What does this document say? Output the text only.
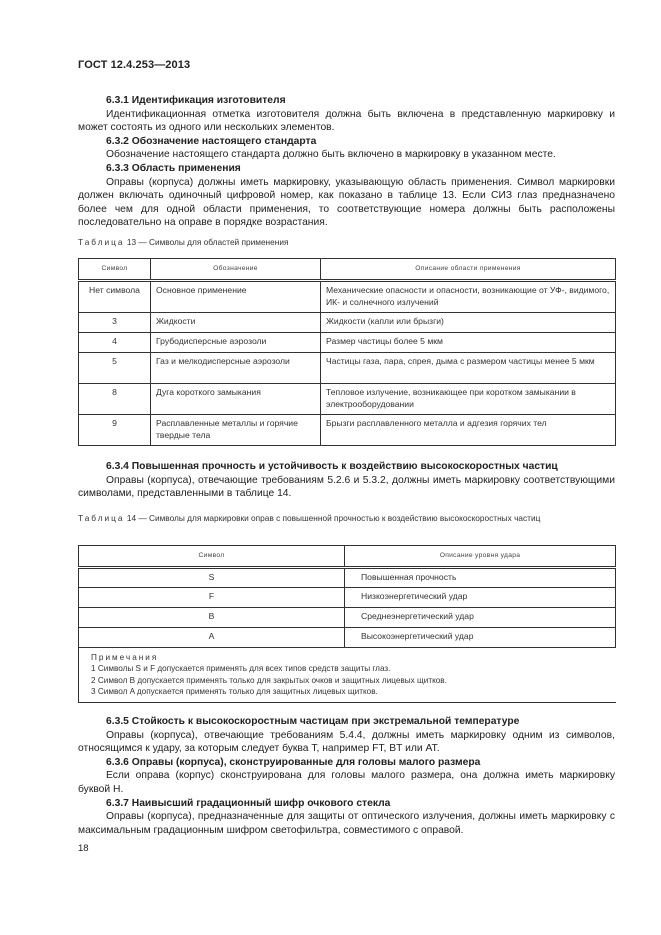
ГОСТ 12.4.253—2013

6.3.1 Идентификация изготовителя

Идентификационная отметка изготовителя должна быть включена в представленную маркировку и может состоять из одного или нескольких элементов.

6.3.2 Обозначение настоящего стандарта

Обозначение настоящего стандарта должно быть включено в маркировку в указанном месте.

6.3.3 Область применения

Оправы (корпуса) должны иметь маркировку, указывающую область применения. Символ маркировки должен включать одиночный цифровой номер, как показано в таблице 13. Если СИЗ глаз предназначено более чем для одной области применения, то соответствующие номера должны быть расположены последовательно на оправе в порядке возрастания.

Таблица 13 — Символы для областей применения
Символ	Обозначение	Описание области применения
Нет символа	Основное применение	Механические опасности и опасности, возникающие от УФ-, видимого, ИК- и солнечного излучений
3	Жидкости	Жидкости (капли или брызги)
4	Грубодисперсные аэрозоли	Размер частицы более 5 мкм
5	Газ и мелкодисперсные аэрозоли	Частицы газа, пара, спрея, дыма с размером частицы менее 5 мкм
8	Дуга короткого замыкания	Тепловое излучение, возникающее при коротком замыкании в электрооборудовании
9	Расплавленные металлы и горячие твердые тела	Брызги расплавленного металла и адгезия горячих тел

6.3.4 Повышенная прочность и устойчивость к воздействию высокоскоростных частиц

Оправы (корпуса), отвечающие требованиям 5.2.6 и 5.3.2, должны иметь маркировку соответствующими символами, представленными в таблице 14.

Таблица 14 — Символы для маркировки оправ с повышенной прочностью к воздействию высокоскоростных частиц
Символ	Описание уровня удара
S	Повышенная прочность
F	Низкоэнергетический удар
B	Среднеэнергетический удар
A	Высокоэнергетический удар

Примечания
1 Символы S и F допускается применять для всех типов средств защиты глаз.
2 Символ B допускается применять только для закрытых очков и защитных лицевых щитков.
3 Символ A допускается применять только для защитных лицевых щитков.	

6.3.5 Стойкость к высокоскоростным частицам при экстремальной температуре

Оправы (корпуса), отвечающие требованиям 5.4.4, должны иметь маркировку одним из символов, относящимся к удару, за которым следует буква T, например FT, BT или AT.

6.3.6 Оправы (корпуса), сконструированные для головы малого размера

Если оправа (корпус) сконструирована для головы малого размера, она должна иметь маркировку буквой H.

6.3.7 Наивысший градационный шифр очкового стекла

Оправы (корпуса), предназначенные для защиты от оптического излучения, должны иметь маркировку с максимальным градационным шифром светофильтра, совместимого с оправой.

18
